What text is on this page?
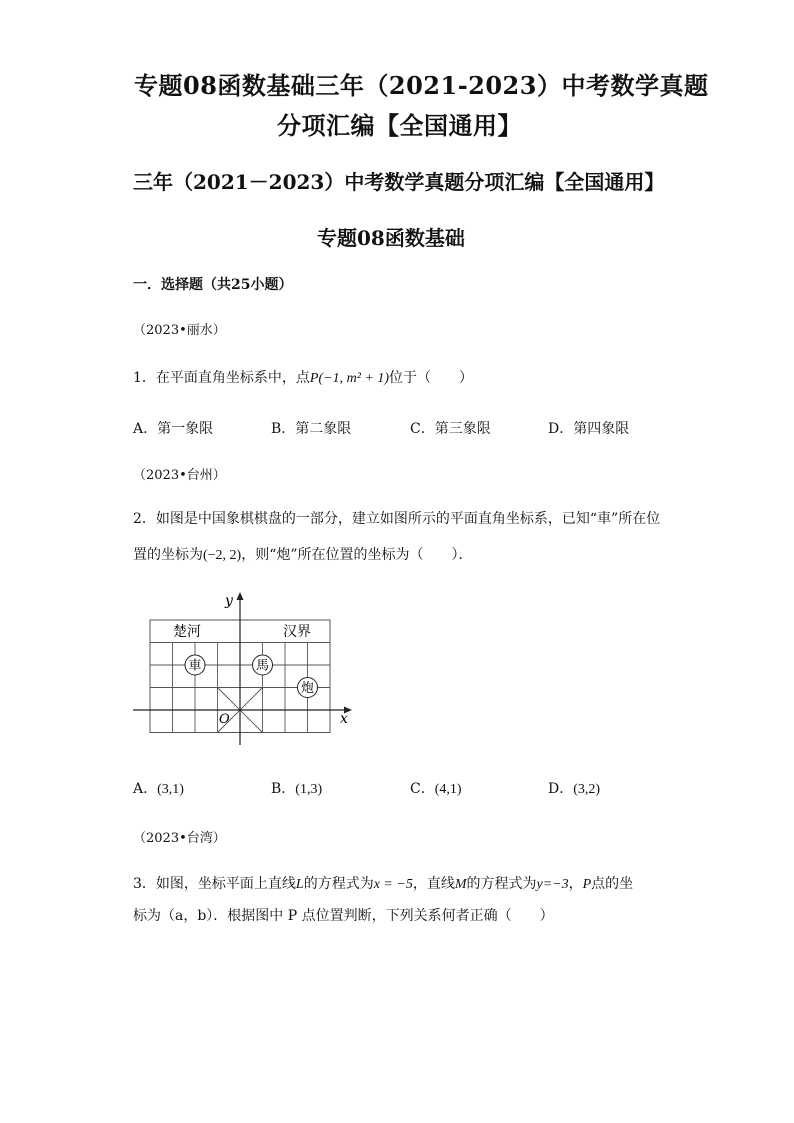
专题08函数基础三年（2021-2023）中考数学真题
分项汇编【全国通用】
三年（2021－2023）中考数学真题分项汇编【全国通用】
专题08函数基础
一．选择题（共25小题）
（2023•丽水）
1．在平面直角坐标系中，点P(−1, m² + 1)位于（　　）
A．第一象限	B．第二象限	C．第三象限	D．第四象限
（2023•台州）
2．如图是中国象棋棋盘的一部分，建立如图所示的平面直角坐标系，已知“車”所在位
置的坐标为(−2, 2)，则“炮”所在位置的坐标为（　　）．
x
y
O
楚河	汉界
車	馬
炮
A．(3,1)	B．(1,3)	C．(4,1)	D．(3,2)
（2023•台湾）
3．如图，坐标平面上直线L的方程式为x = −5，直线M的方程式为y=−3，P点的坐
标为（a，b）．根据图中 P 点位置判断，下列关系何者正确（　　）
